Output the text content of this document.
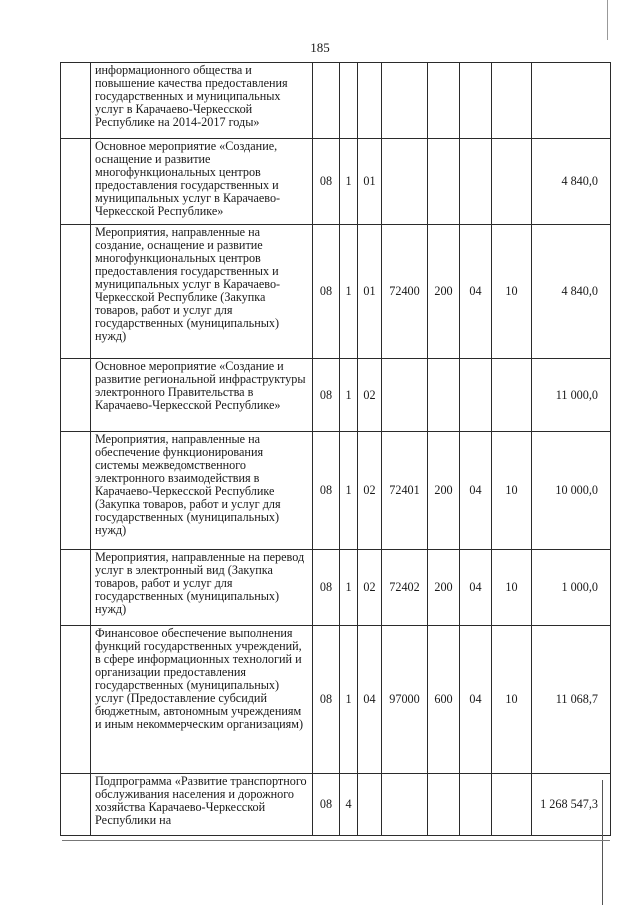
185
	информационного общества и повышение качества предоставления государственных и муниципальных услуг в Карачаево-Черкесской Республике на 2014-2017 годы»								
	Основное мероприятие «Создание, оснащение и развитие многофункциональных центров предоставления государственных и муниципальных услуг в Карачаево-Черкесской Республике»	08	1	01					4 840,0
	Мероприятия, направленные на создание, оснащение и развитие многофункциональных центров предоставления государственных и муниципальных услуг в Карачаево-Черкесской Республике (Закупка товаров, работ и услуг для государственных (муниципальных) нужд)	08	1	01	72400	200	04	10	4 840,0
	Основное мероприятие «Создание и развитие региональной инфраструктуры электронного Правительства в Карачаево-Черкесской Республике»	08	1	02					11 000,0
	Мероприятия, направленные на обеспечение функционирования системы межведомственного электронного взаимодействия в Карачаево-Черкесской Республике (Закупка товаров, работ и услуг для государственных (муниципальных) нужд)	08	1	02	72401	200	04	10	10 000,0
	Мероприятия, направленные на перевод услуг в электронный вид (Закупка товаров, работ и услуг для государственных (муниципальных) нужд)	08	1	02	72402	200	04	10	1 000,0
	Финансовое обеспечение выполнения функций государственных учреждений, в сфере информационных технологий и организации предоставления государственных (муниципальных) услуг (Предоставление субсидий бюджетным, автономным учреждениям и иным некоммерческим организациям)	08	1	04	97000	600	04	10	11 068,7
	Подпрограмма «Развитие транспортного обслуживания населения и дорожного хозяйства Карачаево-Черкесской Республики на	08	4						1 268 547,3
